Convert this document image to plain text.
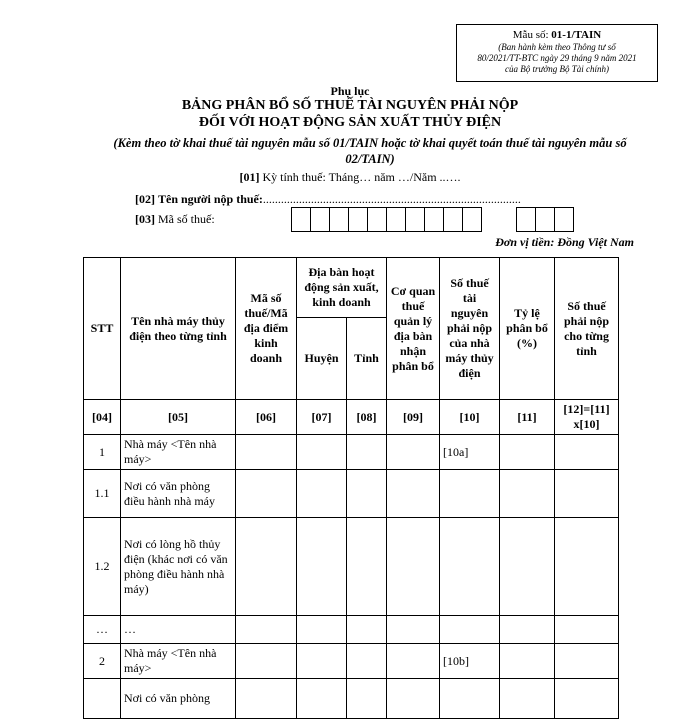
Mẫu số: 01-1/TAIN
(Ban hành kèm theo Thông tư số
80/2021/TT-BTC ngày 29 tháng 9 năm 2021
của Bộ trưởng Bộ Tài chính)
Phụ lục
BẢNG PHÂN BỔ SỐ THUẾ TÀI NGUYÊN PHẢI NỘP
ĐỐI VỚI HOẠT ĐỘNG SẢN XUẤT THỦY ĐIỆN
(Kèm theo tờ khai thuế tài nguyên mẫu số 01/TAIN hoặc tờ khai quyết toán thuế tài nguyên mẫu số 02/TAIN)
[01] Kỳ tính thuế: Tháng… năm …/Năm ..….
[02] Tên người nộp thuế:......................................................................................
[03] Mã số thuế:
Đơn vị tiền: Đồng Việt Nam
STT	Tên nhà máy thủy điện theo từng tỉnh	Mã số thuế/Mã địa điểm kinh doanh	Địa bàn hoạt động sản xuất, kinh doanh		Cơ quan thuế quản lý địa bàn nhận phân bổ	Số thuế tài nguyên phải nộp của nhà máy thủy điện	Tỷ lệ phân bổ (%)	Số thuế phải nộp cho từng tỉnh
			Huyện	Tỉnh				
[04]	[05]	[06]	[07]	[08]	[09]	[10]	[11]	[12]=[11] x[10]
1	Nhà máy <Tên nhà máy>					[10a]		
1.1	Nơi có văn phòng điều hành nhà máy							
1.2	Nơi có lòng hồ thủy điện (khác nơi có văn phòng điều hành nhà máy)							
…	…							
2	Nhà máy <Tên nhà máy>					[10b]		
	Nơi có văn phòng							
